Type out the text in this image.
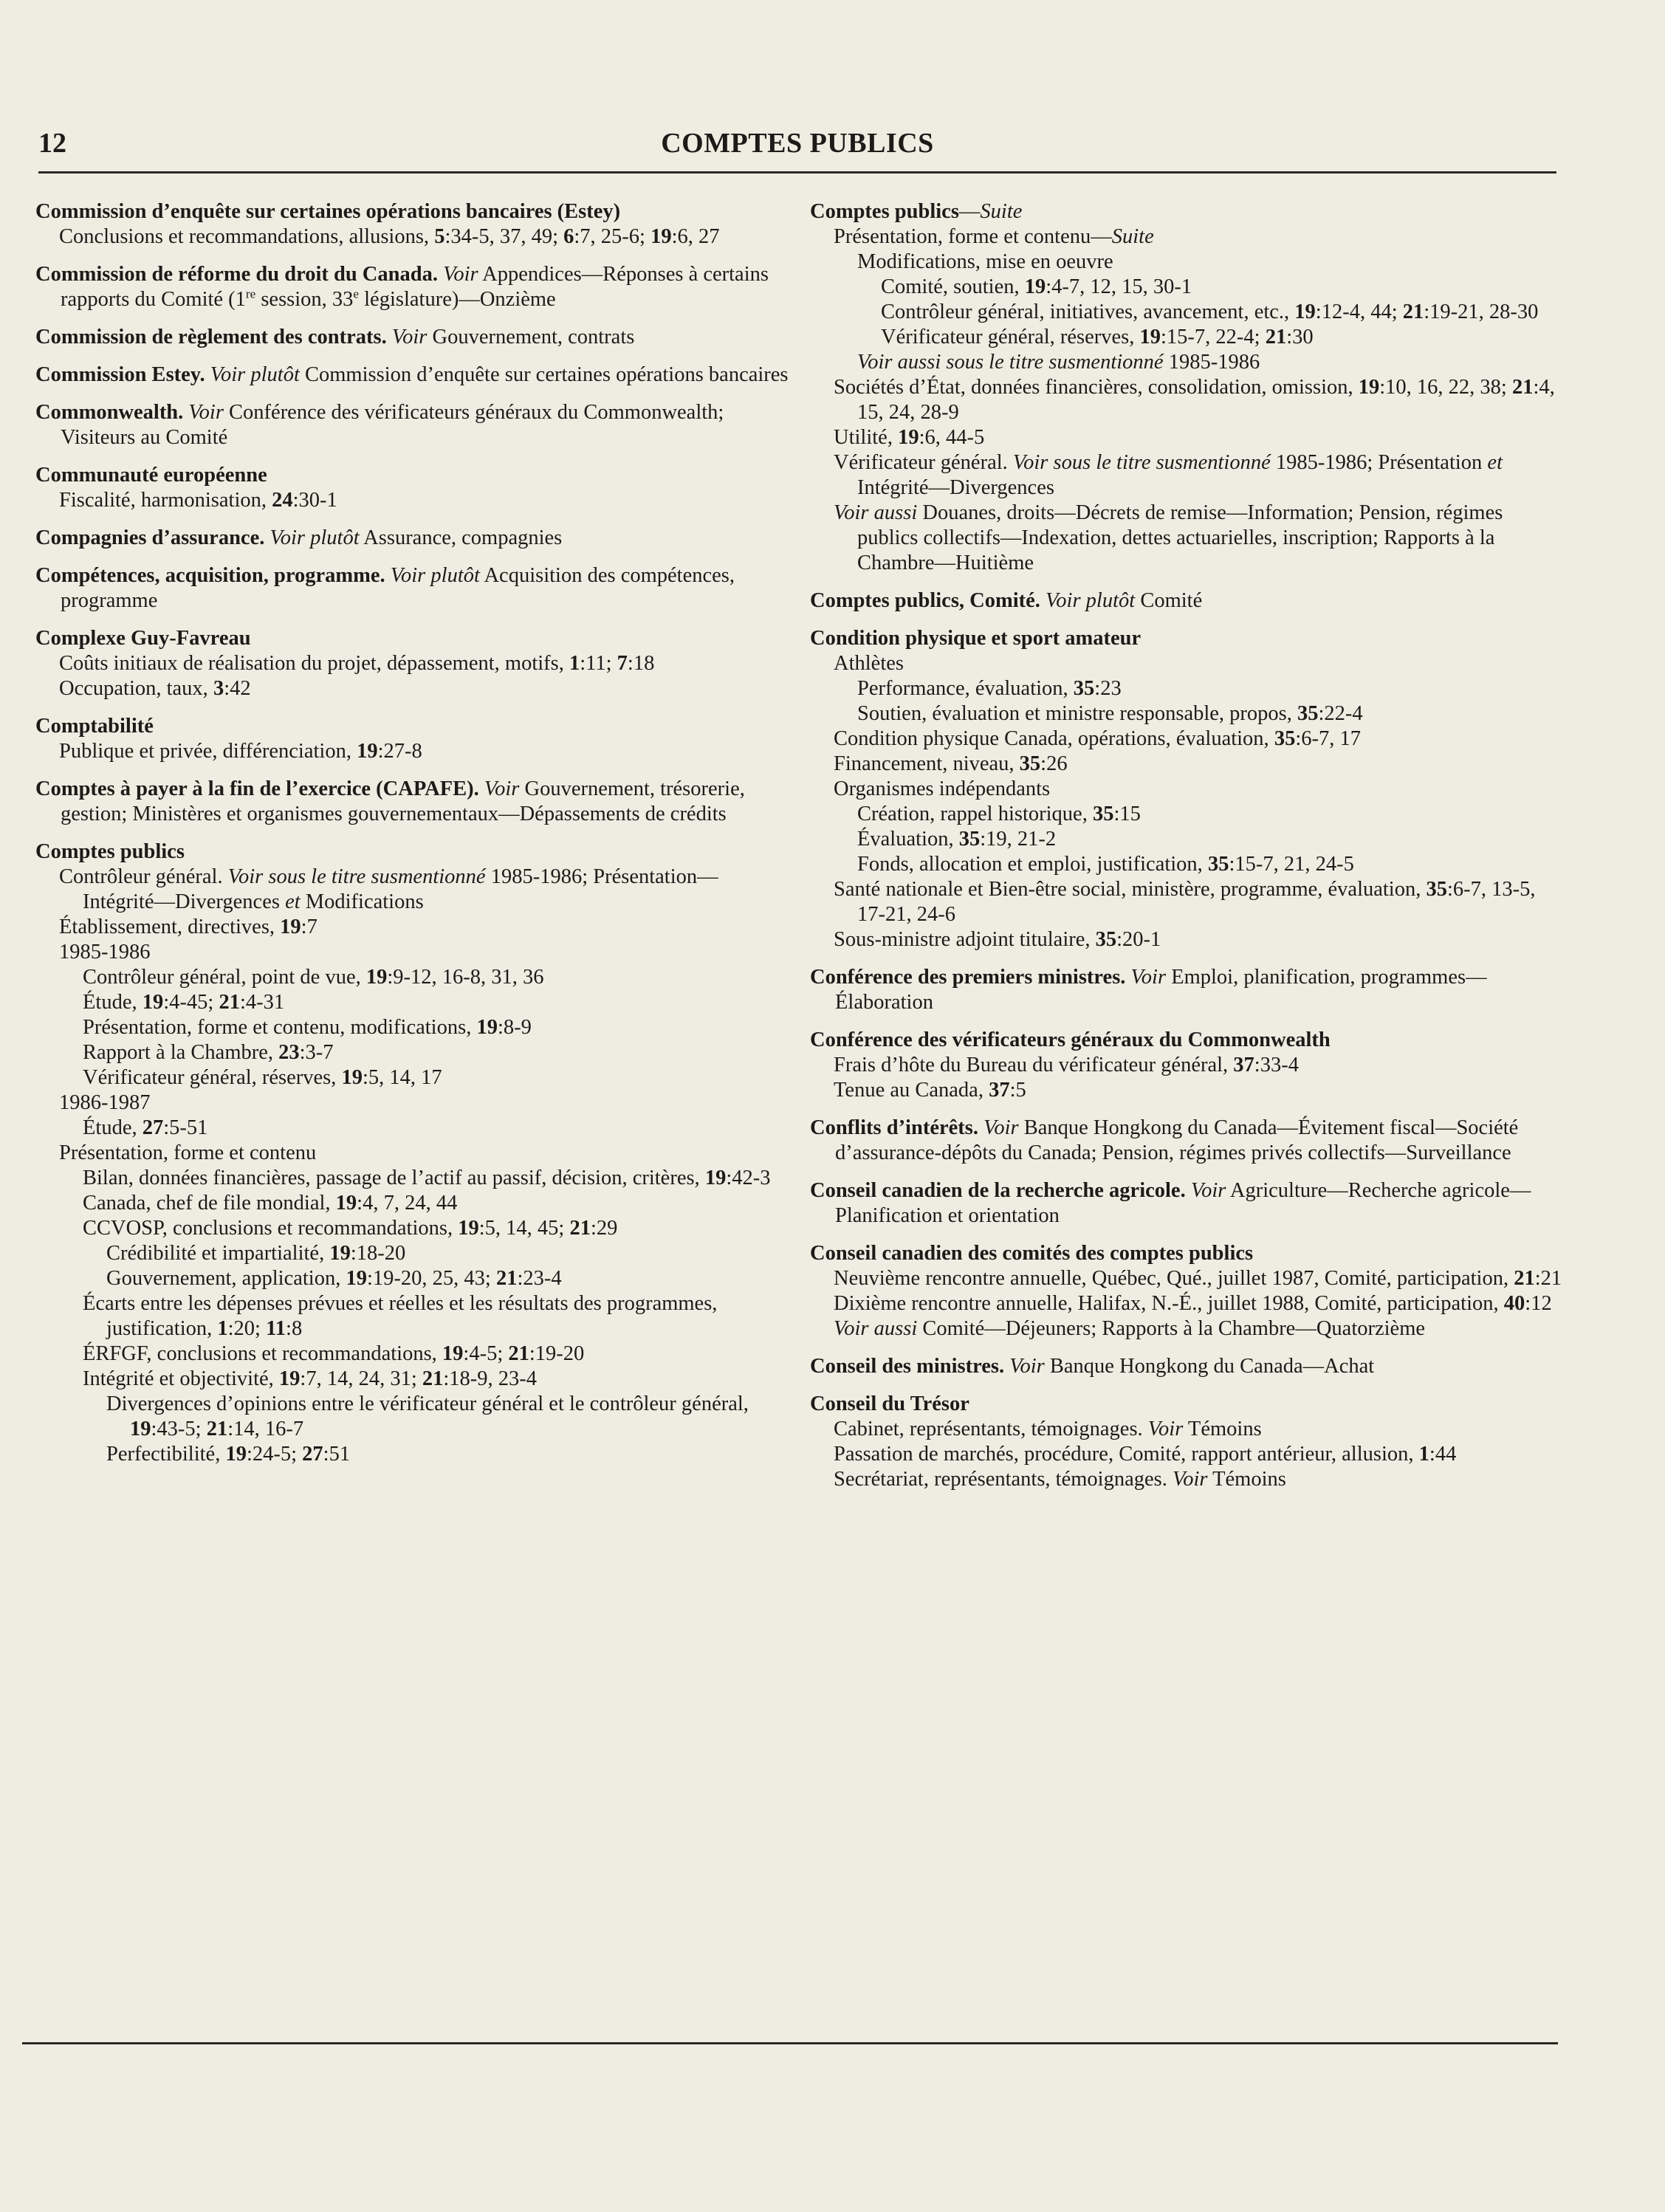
12	COMPTES PUBLICS
Commission d’enquête sur certaines opérations bancaires (Estey)
Conclusions et recommandations, allusions, 5:34-5, 37, 49; 6:7, 25-6; 19:6, 27
Commission de réforme du droit du Canada. Voir Appendices—Réponses à certains rapports du Comité (1re session, 33e législature)—Onzième
Commission de règlement des contrats. Voir Gouvernement, contrats
Commission Estey. Voir plutôt Commission d’enquête sur certaines opérations bancaires
Commonwealth. Voir Conférence des vérificateurs généraux du Commonwealth; Visiteurs au Comité
Communauté européenne
Fiscalité, harmonisation, 24:30-1
Compagnies d’assurance. Voir plutôt Assurance, compagnies
Compétences, acquisition, programme. Voir plutôt Acquisition des compétences, programme
Complexe Guy-Favreau
Coûts initiaux de réalisation du projet, dépassement, motifs, 1:11; 7:18
Occupation, taux, 3:42
Comptabilité
Publique et privée, différenciation, 19:27-8
Comptes à payer à la fin de l’exercice (CAPAFE). Voir Gouvernement, trésorerie, gestion; Ministères et organismes gouvernementaux—Dépassements de crédits
Comptes publics
Contrôleur général. Voir sous le titre susmentionné 1985-1986; Présentation—Intégrité—Divergences et Modifications
Établissement, directives, 19:7
1985-1986
Contrôleur général, point de vue, 19:9-12, 16-8, 31, 36
Étude, 19:4-45; 21:4-31
Présentation, forme et contenu, modifications, 19:8-9
Rapport à la Chambre, 23:3-7
Vérificateur général, réserves, 19:5, 14, 17
1986-1987
Étude, 27:5-51
Présentation, forme et contenu
Bilan, données financières, passage de l’actif au passif, décision, critères, 19:42-3
Canada, chef de file mondial, 19:4, 7, 24, 44
CCVOSP, conclusions et recommandations, 19:5, 14, 45; 21:29
Crédibilité et impartialité, 19:18-20
Gouvernement, application, 19:19-20, 25, 43; 21:23-4
Écarts entre les dépenses prévues et réelles et les résultats des programmes, justification, 1:20; 11:8
ÉRFGF, conclusions et recommandations, 19:4-5; 21:19-20
Intégrité et objectivité, 19:7, 14, 24, 31; 21:18-9, 23-4
Divergences d’opinions entre le vérificateur général et le contrôleur général, 19:43-5; 21:14, 16-7
Perfectibilité, 19:24-5; 27:51
Comptes publics—Suite
Présentation, forme et contenu—Suite
Modifications, mise en oeuvre
Comité, soutien, 19:4-7, 12, 15, 30-1
Contrôleur général, initiatives, avancement, etc., 19:12-4, 44; 21:19-21, 28-30
Vérificateur général, réserves, 19:15-7, 22-4; 21:30
Voir aussi sous le titre susmentionné 1985-1986
Sociétés d’État, données financières, consolidation, omission, 19:10, 16, 22, 38; 21:4, 15, 24, 28-9
Utilité, 19:6, 44-5
Vérificateur général. Voir sous le titre susmentionné 1985-1986; Présentation et Intégrité—Divergences
Voir aussi Douanes, droits—Décrets de remise—Information; Pension, régimes publics collectifs—Indexation, dettes actuarielles, inscription; Rapports à la Chambre—Huitième
Comptes publics, Comité. Voir plutôt Comité
Condition physique et sport amateur
Athlètes
Performance, évaluation, 35:23
Soutien, évaluation et ministre responsable, propos, 35:22-4
Condition physique Canada, opérations, évaluation, 35:6-7, 17
Financement, niveau, 35:26
Organismes indépendants
Création, rappel historique, 35:15
Évaluation, 35:19, 21-2
Fonds, allocation et emploi, justification, 35:15-7, 21, 24-5
Santé nationale et Bien-être social, ministère, programme, évaluation, 35:6-7, 13-5, 17-21, 24-6
Sous-ministre adjoint titulaire, 35:20-1
Conférence des premiers ministres. Voir Emploi, planification, programmes—Élaboration
Conférence des vérificateurs généraux du Commonwealth
Frais d’hôte du Bureau du vérificateur général, 37:33-4
Tenue au Canada, 37:5
Conflits d’intérêts. Voir Banque Hongkong du Canada—Évitement fiscal—Société d’assurance-dépôts du Canada; Pension, régimes privés collectifs—Surveillance
Conseil canadien de la recherche agricole. Voir Agriculture—Recherche agricole—Planification et orientation
Conseil canadien des comités des comptes publics
Neuvième rencontre annuelle, Québec, Qué., juillet 1987, Comité, participation, 21:21
Dixième rencontre annuelle, Halifax, N.-É., juillet 1988, Comité, participation, 40:12
Voir aussi Comité—Déjeuners; Rapports à la Chambre—Quatorzième
Conseil des ministres. Voir Banque Hongkong du Canada—Achat
Conseil du Trésor
Cabinet, représentants, témoignages. Voir Témoins
Passation de marchés, procédure, Comité, rapport antérieur, allusion, 1:44
Secrétariat, représentants, témoignages. Voir Témoins
